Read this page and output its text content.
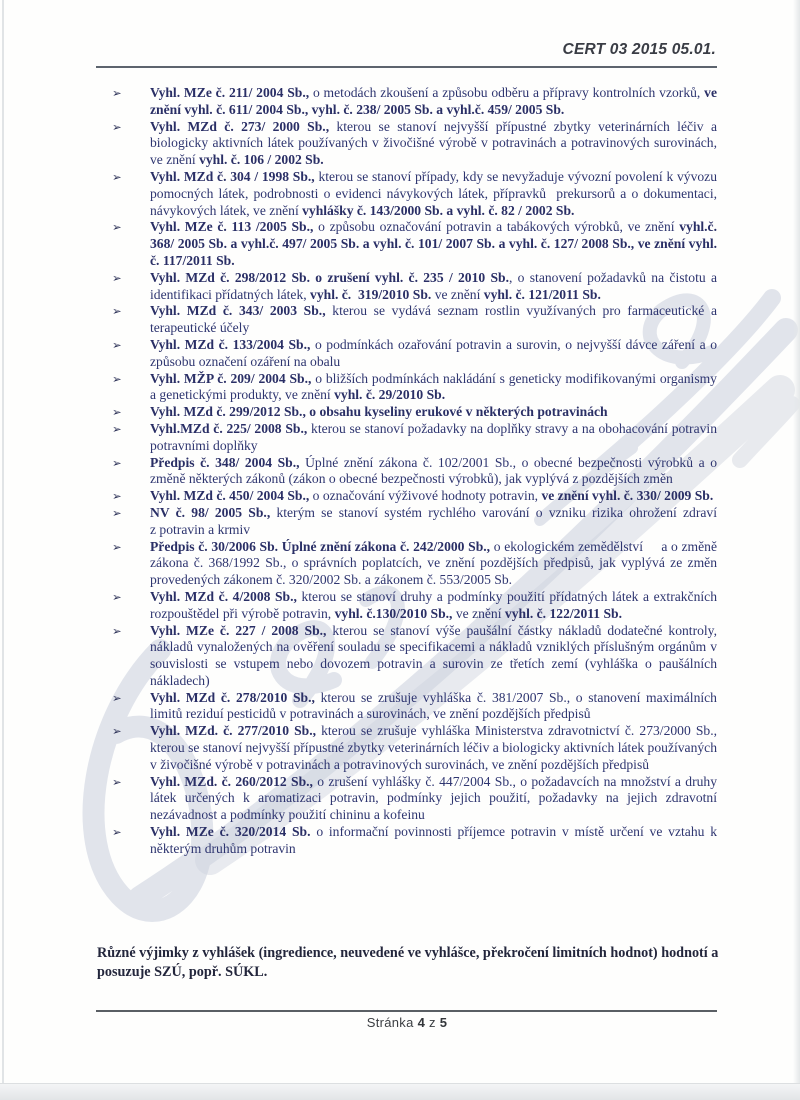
CERT 03 2015 05.01.
➢ Vyhl. MZe č. 211/ 2004 Sb., o metodách zkoušení a způsobu odběru a přípravy kontrolních vzorků, ve znění vyhl. č. 611/ 2004 Sb., vyhl. č. 238/ 2005 Sb. a vyhl.č. 459/ 2005 Sb.
➢ Vyhl. MZd č. 273/ 2000 Sb., kterou se stanoví nejvyšší přípustné zbytky veterinárních léčiv a biologicky aktivních látek používaných v živočišné výrobě v potravinách a potravinových surovinách, ve znění vyhl. č. 106 / 2002 Sb.
➢ Vyhl. MZd č. 304 / 1998 Sb., kterou se stanoví případy, kdy se nevyžaduje vývozní povolení k vývozu pomocných látek, podrobnosti o evidenci návykových látek, přípravků  prekursorů a o dokumentaci, návykových látek, ve znění vyhlášky č. 143/2000 Sb. a vyhl. č. 82 / 2002 Sb.
➢ Vyhl. MZe č. 113 /2005 Sb., o způsobu označování potravin a tabákových výrobků, ve znění vyhl.č. 368/ 2005 Sb. a vyhl.č. 497/ 2005 Sb. a vyhl. č. 101/ 2007 Sb. a vyhl. č. 127/ 2008 Sb., ve znění vyhl. č. 117/2011 Sb.
➢ Vyhl. MZd č. 298/2012 Sb. o zrušení vyhl. č. 235 / 2010 Sb., o stanovení požadavků na čistotu a identifikaci přídatných látek, vyhl. č.  319/2010 Sb. ve znění vyhl. č. 121/2011 Sb.
➢ Vyhl. MZd č. 343/ 2003 Sb., kterou se vydává seznam rostlin využívaných pro farmaceutické a terapeutické účely
➢ Vyhl. MZd č. 133/2004 Sb., o podmínkách ozařování potravin a surovin, o nejvyšší dávce záření a o způsobu označení ozáření na obalu
➢ Vyhl. MŽP č. 209/ 2004 Sb., o bližších podmínkách nakládání s geneticky modifikovanými organismy a genetickými produkty, ve znění vyhl. č. 29/2010 Sb.
➢ Vyhl. MZd č. 299/2012 Sb., o obsahu kyseliny erukové v některých potravinách
➢ Vyhl.MZd č. 225/ 2008 Sb., kterou se stanoví požadavky na doplňky stravy a na obohacování potravin potravními doplňky
➢ Předpis č. 348/ 2004 Sb., Úplné znění zákona č. 102/2001 Sb., o obecné bezpečnosti výrobků a o změně některých zákonů (zákon o obecné bezpečnosti výrobků), jak vyplývá z pozdějších změn
➢ Vyhl. MZd č. 450/ 2004 Sb., o označování výživové hodnoty potravin, ve znění vyhl. č. 330/ 2009 Sb.
➢ NV č. 98/ 2005 Sb., kterým se stanoví systém rychlého varování o vzniku rizika ohrožení zdraví z potravin a krmiv
➢ Předpis č. 30/2006 Sb. Úplné znění zákona č. 242/2000 Sb., o ekologickém zemědělství     a o změně zákona č. 368/1992 Sb., o správních poplatcích, ve znění pozdějších předpisů, jak vyplývá ze změn provedených zákonem č. 320/2002 Sb. a zákonem č. 553/2005 Sb.
➢ Vyhl. MZd č. 4/2008 Sb., kterou se stanoví druhy a podmínky použití přídatných látek a extrakčních rozpouštědel při výrobě potravin, vyhl. č.130/2010 Sb., ve znění vyhl. č. 122/2011 Sb.
➢ Vyhl. MZe č. 227 / 2008 Sb., kterou se stanoví výše paušální částky nákladů dodatečné kontroly, nákladů vynaložených na ověření souladu se specifikacemi a nákladů vzniklých příslušným orgánům v souvislosti se vstupem nebo dovozem potravin a surovin ze třetích zemí (vyhláška o paušálních nákladech)
➢ Vyhl. MZd č. 278/2010 Sb., kterou se zrušuje vyhláška č. 381/2007 Sb., o stanovení maximálních limitů reziduí pesticidů v potravinách a surovinách, ve znění pozdějších předpisů
➢ Vyhl. MZd. č. 277/2010 Sb., kterou se zrušuje vyhláška Ministerstva zdravotnictví č. 273/2000 Sb., kterou se stanoví nejvyšší přípustné zbytky veterinárních léčiv a biologicky aktivních látek používaných v živočišné výrobě v potravinách a potravinových surovinách, ve znění pozdějších předpisů
➢ Vyhl. MZd. č. 260/2012 Sb., o zrušení vyhlášky č. 447/2004 Sb., o požadavcích na množství a druhy látek určených k aromatizaci potravin, podmínky jejich použití, požadavky na jejich zdravotní nezávadnost a podmínky použití chininu a kofeinu
➢ Vyhl. MZe č. 320/2014 Sb. o informační povinnosti příjemce potravin v místě určení ve vztahu k některým druhům potravin
Různé výjimky z vyhlášek (ingredience, neuvedené ve vyhlášce, překročení limitních hodnot) hodnotí a posuzuje SZÚ, popř. SÚKL.
Stránka 4 z 5
